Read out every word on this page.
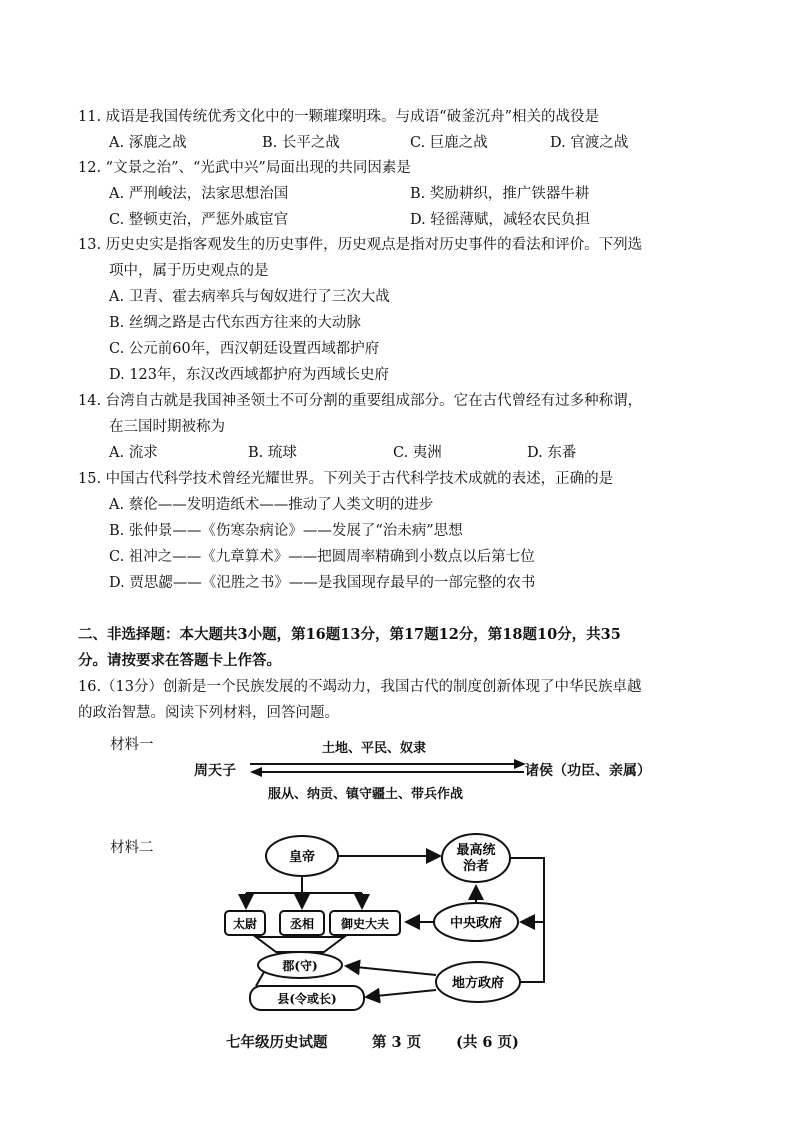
11. 成语是我国传统优秀文化中的一颗璀璨明珠。与成语“破釜沉舟”相关的战役是
A. 涿鹿之战	B. 长平之战	C. 巨鹿之战	D. 官渡之战
12. “文景之治”、“光武中兴”局面出现的共同因素是
A. 严刑峻法，法家思想治国	B. 奖励耕织，推广铁器牛耕
C. 整顿吏治，严惩外戚宦官	D. 轻徭薄赋，减轻农民负担
13. 历史史实是指客观发生的历史事件，历史观点是指对历史事件的看法和评价。下列选
项中，属于历史观点的是
A. 卫青、霍去病率兵与匈奴进行了三次大战
B. 丝绸之路是古代东西方往来的大动脉
C. 公元前60年，西汉朝廷设置西域都护府
D. 123年，东汉改西域都护府为西域长史府
14. 台湾自古就是我国神圣领土不可分割的重要组成部分。它在古代曾经有过多种称谓，
在三国时期被称为
A. 流求	B. 琉球	C. 夷洲	D. 东番
15. 中国古代科学技术曾经光耀世界。下列关于古代科学技术成就的表述，正确的是
A. 蔡伦——发明造纸术——推动了人类文明的进步
B. 张仲景——《伤寒杂病论》——发展了“治未病”思想
C. 祖冲之——《九章算术》——把圆周率精确到小数点以后第七位
D. 贾思勰——《氾胜之书》——是我国现存最早的一部完整的农书
二、非选择题：本大题共3小题，第16题13分，第17题12分，第18题10分，共35
分。请按要求在答题卡上作答。
16.（13分）创新是一个民族发展的不竭动力，我国古代的制度创新体现了中华民族卓越
的政治智慧。阅读下列材料，回答问题。
材料一	土地、平民、奴隶
周天子	诸侯（功臣、亲属）
服从、纳贡、镇守疆土、带兵作战
材料二
皇帝	最高统
治者
太尉	丞相 御史大夫	中央政府
郡(守)
地方政府
县(令或长)
七年级历史试题	第 3 页 (共 6 页)
